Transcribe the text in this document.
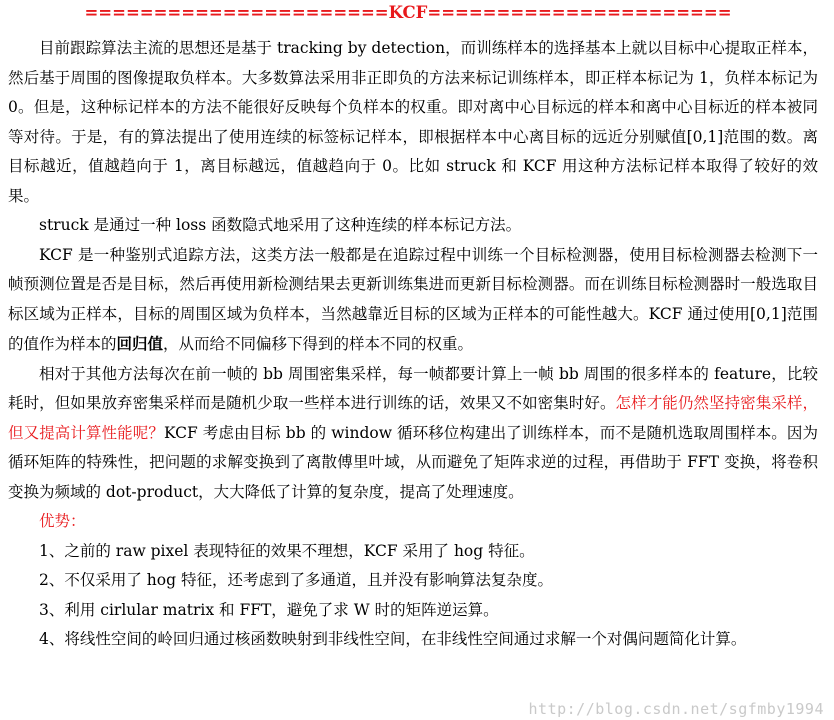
======================KCF======================

目前跟踪算法主流的思想还是基于 tracking by detection，而训练样本的选择基本上就以目标中心提取正样本，然后基于周围的图像提取负样本。大多数算法采用非正即负的方法来标记训练样本，即正样本标记为 1，负样本标记为 0。但是，这种标记样本的方法不能很好反映每个负样本的权重。即对离中心目标远的样本和离中心目标近的样本被同等对待。于是，有的算法提出了使用连续的标签标记样本，即根据样本中心离目标的远近分别赋值[0,1]范围的数。离目标越近，值越趋向于 1，离目标越远，值越趋向于 0。比如 struck 和 KCF 用这种方法标记样本取得了较好的效果。

struck 是通过一种 loss 函数隐式地采用了这种连续的样本标记方法。

KCF 是一种鉴别式追踪方法，这类方法一般都是在追踪过程中训练一个目标检测器，使用目标检测器去检测下一帧预测位置是否是目标，然后再使用新检测结果去更新训练集进而更新目标检测器。而在训练目标检测器时一般选取目标区域为正样本，目标的周围区域为负样本，当然越靠近目标的区域为正样本的可能性越大。KCF 通过使用[0,1]范围的值作为样本的回归值，从而给不同偏移下得到的样本不同的权重。

相对于其他方法每次在前一帧的 bb 周围密集采样，每一帧都要计算上一帧 bb 周围的很多样本的 feature，比较耗时，但如果放弃密集采样而是随机少取一些样本进行训练的话，效果又不如密集时好。怎样才能仍然坚持密集采样，但又提高计算性能呢？KCF 考虑由目标 bb 的 window 循环移位构建出了训练样本，而不是随机选取周围样本。因为循环矩阵的特殊性，把问题的求解变换到了离散傅里叶域，从而避免了矩阵求逆的过程，再借助于 FFT 变换，将卷积变换为频域的 dot-product，大大降低了计算的复杂度，提高了处理速度。

优势：

1、之前的 raw pixel 表现特征的效果不理想，KCF 采用了 hog 特征。

2、不仅采用了 hog 特征，还考虑到了多通道，且并没有影响算法复杂度。

3、利用 cirlular matrix 和 FFT，避免了求 W 时的矩阵逆运算。

4、将线性空间的岭回归通过核函数映射到非线性空间，在非线性空间通过求解一个对偶问题简化计算。

http://blog.csdn.net/sgfmby1994
